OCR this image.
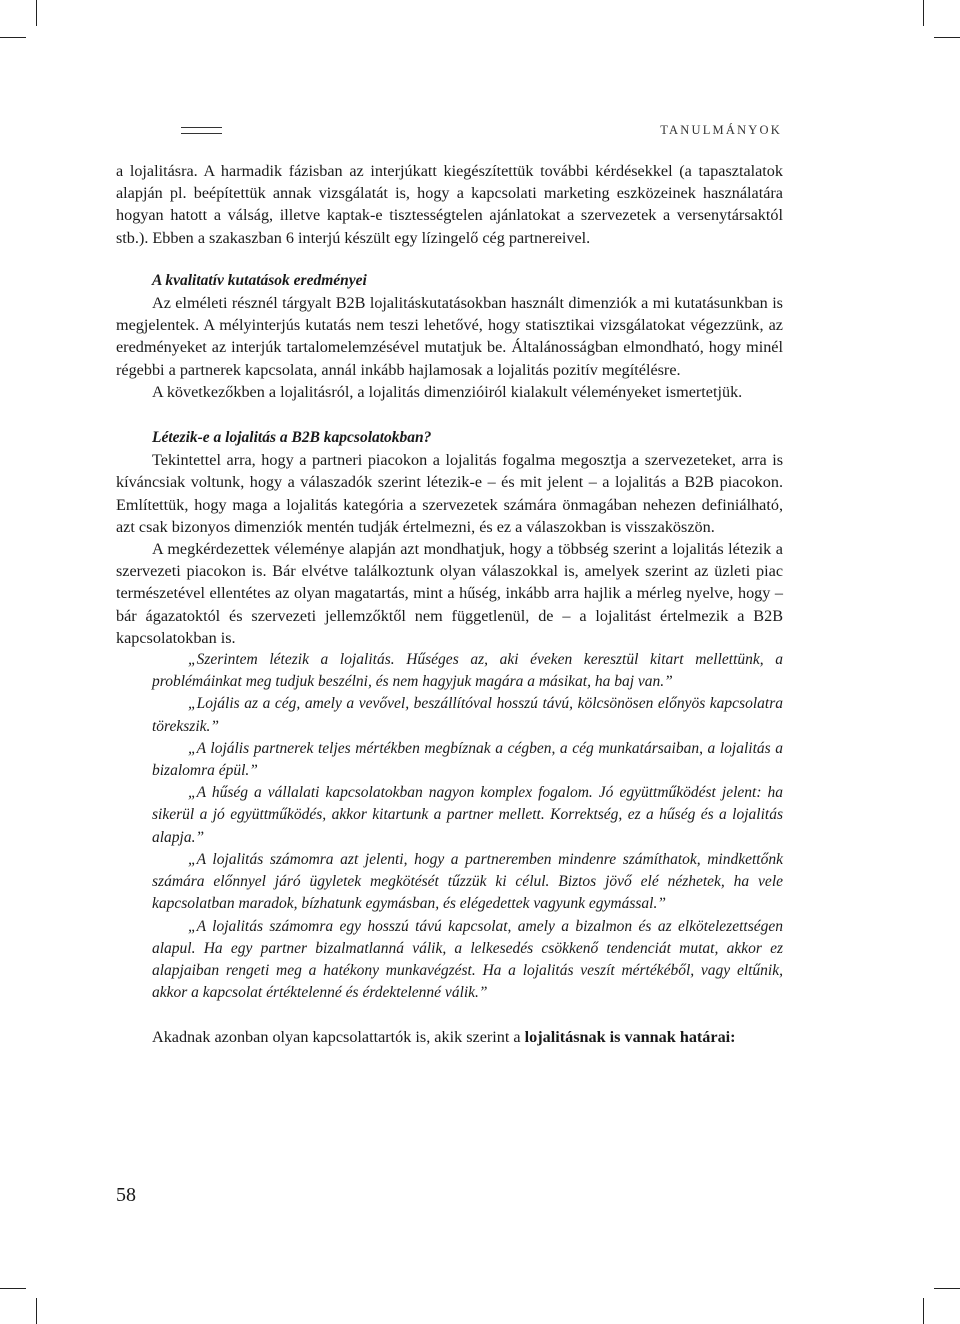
TANULMÁNYOK

a lojalitásra. A harmadik fázisban az interjúkatt kiegészítettük további kérdésekkel (a tapasztalatok alapján pl. beépítettük annak vizsgálatát is, hogy a kapcsolati marketing eszközeinek használatára hogyan hatott a válság, illetve kaptak-e tisztességtelen ajánlatokat a szervezetek a versenytársaktól stb.). Ebben a szakaszban 6 interjú készült egy lízingelő cég partnereivel.

A kvalitatív kutatások eredményei

Az elméleti résznél tárgyalt B2B lojalitáskutatásokban használt dimenziók a mi kutatásunkban is megjelentek. A mélyinterjús kutatás nem teszi lehetővé, hogy statisztikai vizsgálatokat végezzünk, az eredményeket az interjúk tartalomelemzésével mutatjuk be. Általánosságban elmondható, hogy minél régebbi a partnerek kapcsolata, annál inkább hajlamosak a lojalitás pozitív megítélésre.

A következőkben a lojalitásról, a lojalitás dimenzióiról kialakult véleményeket ismertetjük.

Létezik-e a lojalitás a B2B kapcsolatokban?

Tekintettel arra, hogy a partneri piacokon a lojalitás fogalma megosztja a szervezeteket, arra is kíváncsiak voltunk, hogy a válaszadók szerint létezik-e – és mit jelent – a lojalitás a B2B piacokon. Említettük, hogy maga a lojalitás kategória a szervezetek számára önmagában nehezen definiálható, azt csak bizonyos dimenziók mentén tudják értelmezni, és ez a válaszokban is visszaköszön.

A megkérdezettek véleménye alapján azt mondhatjuk, hogy a többség szerint a lojalitás létezik a szervezeti piacokon is. Bár elvétve találkoztunk olyan válaszokkal is, amelyek szerint az üzleti piac természetével ellentétes az olyan magatartás, mint a hűség, inkább arra hajlik a mérleg nyelve, hogy – bár ágazatoktól és szervezeti jellemzőktől nem függetlenül, de – a lojalitást értelmezik a B2B kapcsolatokban is.

„Szerintem létezik a lojalitás. Hűséges az, aki éveken keresztül kitart mellettünk, a problémáinkat meg tudjuk beszélni, és nem hagyjuk magára a másikat, ha baj van.”

„Lojális az a cég, amely a vevővel, beszállítóval hosszú távú, kölcsönösen előnyös kapcsolatra törekszik.”

„A lojális partnerek teljes mértékben megbíznak a cégben, a cég munkatársaiban, a lojalitás a bizalomra épül.”

„A hűség a vállalati kapcsolatokban nagyon komplex fogalom. Jó együttműködést jelent: ha sikerül a jó együttműködés, akkor kitartunk a partner mellett. Korrektség, ez a hűség és a lojalitás alapja.”

„A lojalitás számomra azt jelenti, hogy a partneremben mindenre számíthatok, mindkettőnk számára előnnyel járó ügyletek megkötését tűzzük ki célul. Biztos jövő elé nézhetek, ha vele kapcsolatban maradok, bízhatunk egymásban, és elégedettek vagyunk egymással.”

„A lojalitás számomra egy hosszú távú kapcsolat, amely a bizalmon és az elkötelezettségen alapul. Ha egy partner bizalmatlanná válik, a lelkesedés csökkenő tendenciát mutat, akkor ez alapjaiban rengeti meg a hatékony munkavégzést. Ha a lojalitás veszít mértékéből, vagy eltűnik, akkor a kapcsolat értéktelenné és érdektelenné válik.”

Akadnak azonban olyan kapcsolattartók is, akik szerint a lojalitásnak is vannak határai:

58
